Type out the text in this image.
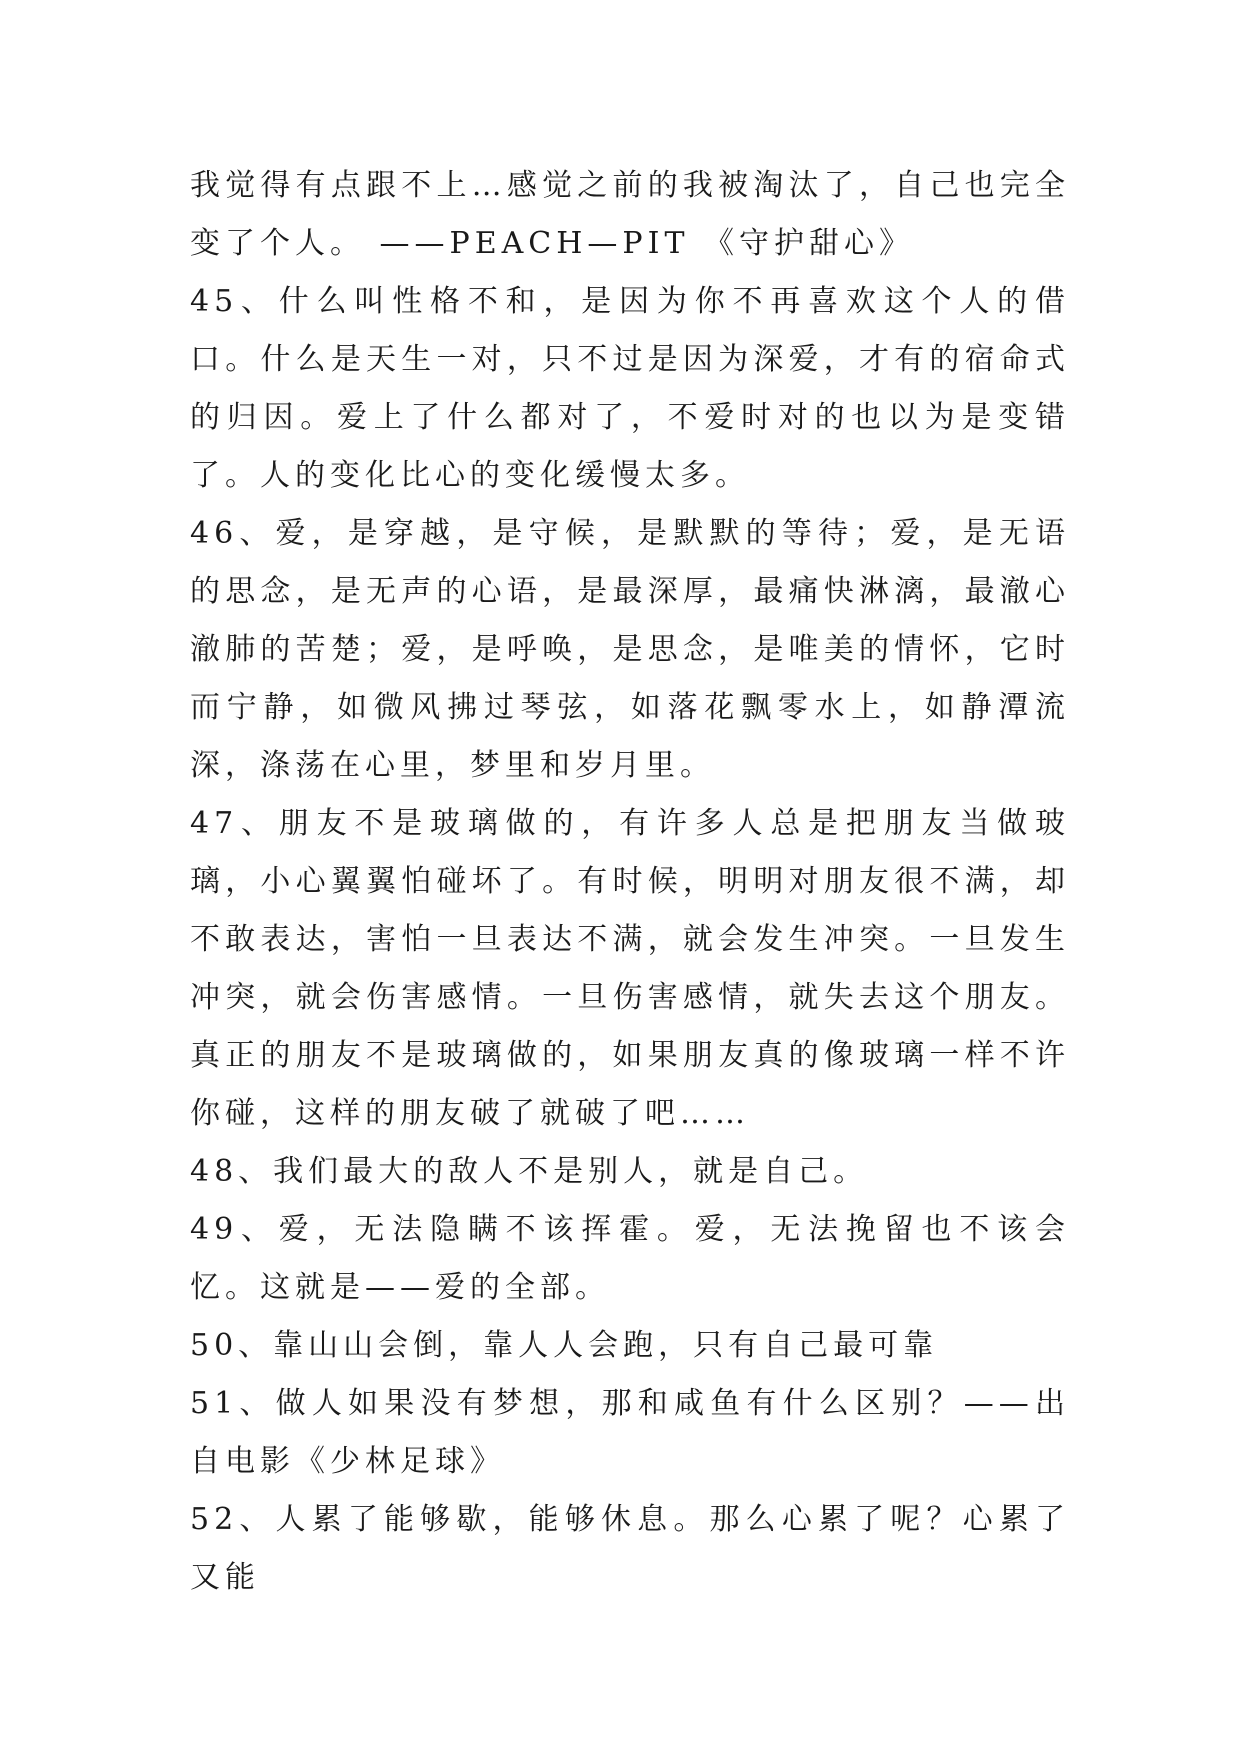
我觉得有点跟不上…感觉之前的我被淘汰了，自己也完全变了个人。 ——PEACH—PIT 《守护甜心》

45、什么叫性格不和，是因为你不再喜欢这个人的借口。什么是天生一对，只不过是因为深爱，才有的宿命式的归因。爱上了什么都对了，不爱时对的也以为是变错了。人的变化比心的变化缓慢太多。

46、爱，是穿越，是守候，是默默的等待；爱，是无语的思念，是无声的心语，是最深厚，最痛快淋漓，最澈心澈肺的苦楚；爱，是呼唤，是思念，是唯美的情怀，它时而宁静，如微风拂过琴弦，如落花飘零水上，如静潭流深，涤荡在心里，梦里和岁月里。

47、朋友不是玻璃做的，有许多人总是把朋友当做玻璃，小心翼翼怕碰坏了。有时候，明明对朋友很不满，却不敢表达，害怕一旦表达不满，就会发生冲突。一旦发生冲突，就会伤害感情。一旦伤害感情，就失去这个朋友。真正的朋友不是玻璃做的，如果朋友真的像玻璃一样不许你碰，这样的朋友破了就破了吧……

48、我们最大的敌人不是别人，就是自己。

49、爱，无法隐瞒不该挥霍。爱，无法挽留也不该会忆。这就是——爱的全部。

50、靠山山会倒，靠人人会跑，只有自己最可靠

51、做人如果没有梦想，那和咸鱼有什么区别？——出自电影《少林足球》

52、人累了能够歇，能够休息。那么心累了呢？心累了又能
